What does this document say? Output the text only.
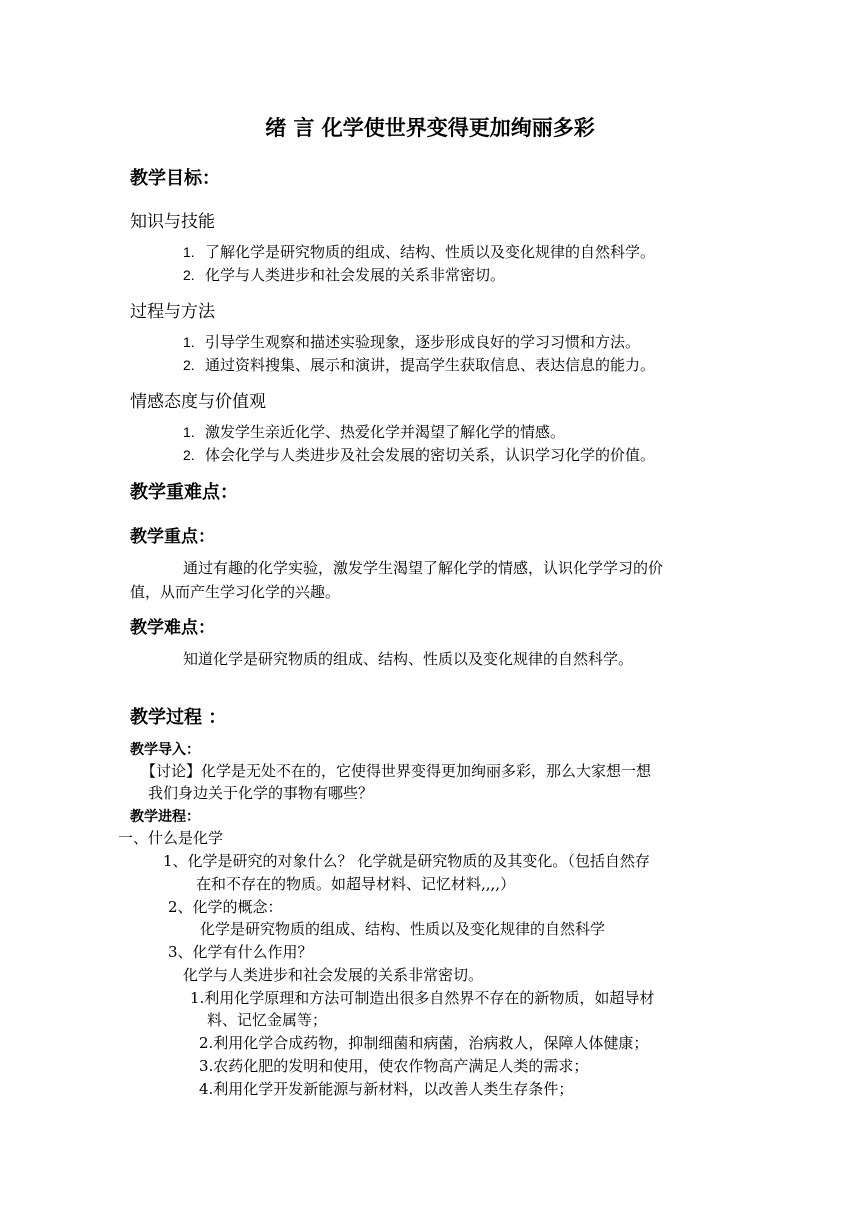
绪 言 化学使世界变得更加绚丽多彩
教学目标：
知识与技能
1. 了解化学是研究物质的组成、结构、性质以及变化规律的自然科学。
2. 化学与人类进步和社会发展的关系非常密切。
过程与方法
1. 引导学生观察和描述实验现象，逐步形成良好的学习习惯和方法。
2. 通过资料搜集、展示和演讲，提高学生获取信息、表达信息的能力。
情感态度与价值观
1. 激发学生亲近化学、热爱化学并渴望了解化学的情感。
2. 体会化学与人类进步及社会发展的密切关系，认识学习化学的价值。
教学重难点：
教学重点：
通过有趣的化学实验，激发学生渴望了解化学的情感，认识化学学习的价
值，从而产生学习化学的兴趣。
教学难点：
知道化学是研究物质的组成、结构、性质以及变化规律的自然科学。
教学过程 ：
教学导入：
【讨论】化学是无处不在的，它使得世界变得更加绚丽多彩，那么大家想一想
我们身边关于化学的事物有哪些？
教学进程：
一、什么是化学
1、化学是研究的对象什么？ 化学就是研究物质的及其变化。（包括自然存
在和不存在的物质。如超导材料、记忆材料,,,,）
2、化学的概念：
化学是研究物质的组成、结构、性质以及变化规律的自然科学
3、化学有什么作用？
化学与人类进步和社会发展的关系非常密切。
1.利用化学原理和方法可制造出很多自然界不存在的新物质，如超导材
料、记忆金属等；
2.利用化学合成药物，抑制细菌和病菌，治病救人，保障人体健康；
3.农药化肥的发明和使用，使农作物高产满足人类的需求；
4.利用化学开发新能源与新材料，以改善人类生存条件；
